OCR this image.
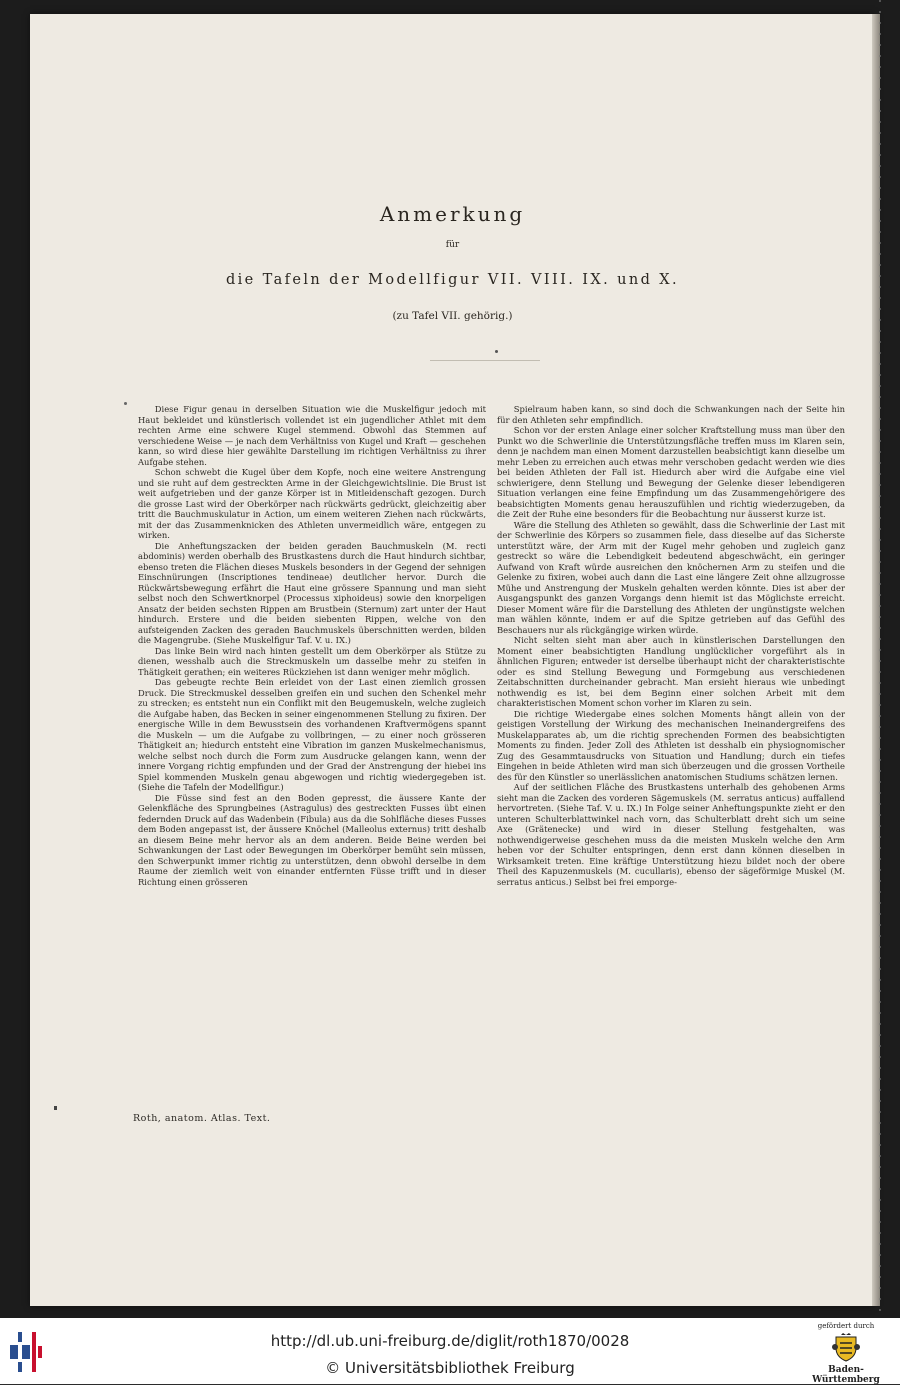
Anmerkung
für
die Tafeln der Modellfigur VII. VIII. IX. und X.
(zu Tafel VII. gehörig.)

Diese Figur genau in derselben Situation wie die Muskelfigur jedoch mit Haut bekleidet und künstlerisch vollendet ist ein jugendlicher Athlet mit dem rechten Arme eine schwere Kugel stemmend. Obwohl das Stemmen auf verschiedene Weise — je nach dem Verhältniss von Kugel und Kraft — geschehen kann, so wird diese hier gewählte Darstellung im richtigen Verhältniss zu ihrer Aufgabe stehen.

Schon schwebt die Kugel über dem Kopfe, noch eine weitere Anstrengung und sie ruht auf dem gestreckten Arme in der Gleichgewichtslinie. Die Brust ist weit aufgetrieben und der ganze Körper ist in Mitleidenschaft gezogen. Durch die grosse Last wird der Oberkörper nach rückwärts gedrückt, gleichzeitig aber tritt die Bauchmuskulatur in Action, um einem weiteren Ziehen nach rückwärts, mit der das Zusammenknicken des Athleten unvermeidlich wäre, entgegen zu wirken.

Die Anheftungszacken der beiden geraden Bauchmuskeln (M. recti abdominis) werden oberhalb des Brustkastens durch die Haut hindurch sichtbar, ebenso treten die Flächen dieses Muskels besonders in der Gegend der sehnigen Einschnürungen (Inscriptiones tendineae) deutlicher hervor. Durch die Rückwärtsbewegung erfährt die Haut eine grössere Spannung und man sieht selbst noch den Schwertknorpel (Processus xiphoideus) sowie den knorpeligen Ansatz der beiden sechsten Rippen am Brustbein (Sternum) zart unter der Haut hindurch. Erstere und die beiden siebenten Rippen, welche von den aufsteigenden Zacken des geraden Bauchmuskels überschnitten werden, bilden die Magengrube. (Siehe Muskelfigur Taf. V. u. IX.)

Das linke Bein wird nach hinten gestellt um dem Oberkörper als Stütze zu dienen, wesshalb auch die Streckmuskeln um dasselbe mehr zu steifen in Thätigkeit gerathen; ein weiteres Rückziehen ist dann weniger mehr möglich.

Das gebeugte rechte Bein erleidet von der Last einen ziemlich grossen Druck. Die Streckmuskel desselben greifen ein und suchen den Schenkel mehr zu strecken; es entsteht nun ein Conflikt mit den Beugemuskeln, welche zugleich die Aufgabe haben, das Becken in seiner eingenommenen Stellung zu fixiren. Der energische Wille in dem Bewusstsein des vorhandenen Kraftvermögens spannt die Muskeln — um die Aufgabe zu vollbringen, — zu einer noch grösseren Thätigkeit an; hiedurch entsteht eine Vibration im ganzen Muskelmechanismus, welche selbst noch durch die Form zum Ausdrucke gelangen kann, wenn der innere Vorgang richtig empfunden und der Grad der Anstrengung der hiebei ins Spiel kommenden Muskeln genau abgewogen und richtig wiedergegeben ist. (Siehe die Tafeln der Modellfigur.)

Die Füsse sind fest an den Boden gepresst, die äussere Kante der Gelenkfläche des Sprungbeines (Astragulus) des gestreckten Fusses übt einen federnden Druck auf das Wadenbein (Fibula) aus da die Sohlfläche dieses Fusses dem Boden angepasst ist, der äussere Knöchel (Malleolus externus) tritt deshalb an diesem Beine mehr hervor als an dem anderen. Beide Beine werden bei Schwankungen der Last oder Bewegungen im Oberkörper bemüht sein müssen, den Schwerpunkt immer richtig zu unterstützen, denn obwohl derselbe in dem Raume der ziemlich weit von einander entfernten Füsse trifft und in dieser Richtung einen grösseren

Spielraum haben kann, so sind doch die Schwankungen nach der Seite hin für den Athleten sehr empfindlich.

Schon vor der ersten Anlage einer solcher Kraftstellung muss man über den Punkt wo die Schwerlinie die Unterstützungsfläche treffen muss im Klaren sein, denn je nachdem man einen Moment darzustellen beabsichtigt kann dieselbe um mehr Leben zu erreichen auch etwas mehr verschoben gedacht werden wie dies bei beiden Athleten der Fall ist. Hiedurch aber wird die Aufgabe eine viel schwierigere, denn Stellung und Bewegung der Gelenke dieser lebendigeren Situation verlangen eine feine Empfindung um das Zusammengehörigere des beabsichtigten Moments genau herauszufühlen und richtig wiederzugeben, da die Zeit der Ruhe eine besonders für die Beobachtung nur äusserst kurze ist.

Wäre die Stellung des Athleten so gewählt, dass die Schwerlinie der Last mit der Schwerlinie des Körpers so zusammen fiele, dass dieselbe auf das Sicherste unterstützt wäre, der Arm mit der Kugel mehr gehoben und zugleich ganz gestreckt so wäre die Lebendigkeit bedeutend abgeschwächt, ein geringer Aufwand von Kraft würde ausreichen den knöchernen Arm zu steifen und die Gelenke zu fixiren, wobei auch dann die Last eine längere Zeit ohne allzugrosse Mühe und Anstrengung der Muskeln gehalten werden könnte. Dies ist aber der Ausgangspunkt des ganzen Vorgangs denn hiemit ist das Möglichste erreicht. Dieser Moment wäre für die Darstellung des Athleten der ungünstigste welchen man wählen könnte, indem er auf die Spitze getrieben auf das Gefühl des Beschauers nur als rückgängige wirken würde.

Nicht selten sieht man aber auch in künstlerischen Darstellungen den Moment einer beabsichtigten Handlung unglücklicher vorgeführt als in ähnlichen Figuren; entweder ist derselbe überhaupt nicht der charakteristischte oder es sind Stellung Bewegung und Formgebung aus verschiedenen Zeitabschnitten durcheinander gebracht. Man ersieht hieraus wie unbedingt nothwendig es ist, bei dem Beginn einer solchen Arbeit mit dem charakteristischen Moment schon vorher im Klaren zu sein.

Die richtige Wiedergabe eines solchen Moments hängt allein von der geistigen Vorstellung der Wirkung des mechanischen Ineinandergreifens des Muskelapparates ab, um die richtig sprechenden Formen des beabsichtigten Moments zu finden. Jeder Zoll des Athleten ist desshalb ein physiognomischer Zug des Gesammtausdrucks von Situation und Handlung; durch ein tiefes Eingehen in beide Athleten wird man sich überzeugen und die grossen Vortheile des für den Künstler so unerlässlichen anatomischen Studiums schätzen lernen.

Auf der seitlichen Fläche des Brustkastens unterhalb des gehobenen Arms sieht man die Zacken des vorderen Sägemuskels (M. serratus anticus) auffallend hervortreten. (Siehe Taf. V. u. IX.) In Folge seiner Anheftungspunkte zieht er den unteren Schulterblattwinkel nach vorn, das Schulterblatt dreht sich um seine Axe (Grätenecke) und wird in dieser Stellung festgehalten, was nothwendigerweise geschehen muss da die meisten Muskeln welche den Arm heben vor der Schulter entspringen, denn erst dann können dieselben in Wirksamkeit treten. Eine kräftige Unterstützung hiezu bildet noch der obere Theil des Kapuzenmuskels (M. cucullaris), ebenso der sägeförmige Muskel (M. serratus anticus.) Selbst bei frei emporge-

Roth, anatom. Atlas. Text.
http://dl.ub.uni-freiburg.de/diglit/roth1870/0028
© Universitätsbibliothek Freiburg
gefördert durch
Baden-Württemberg
